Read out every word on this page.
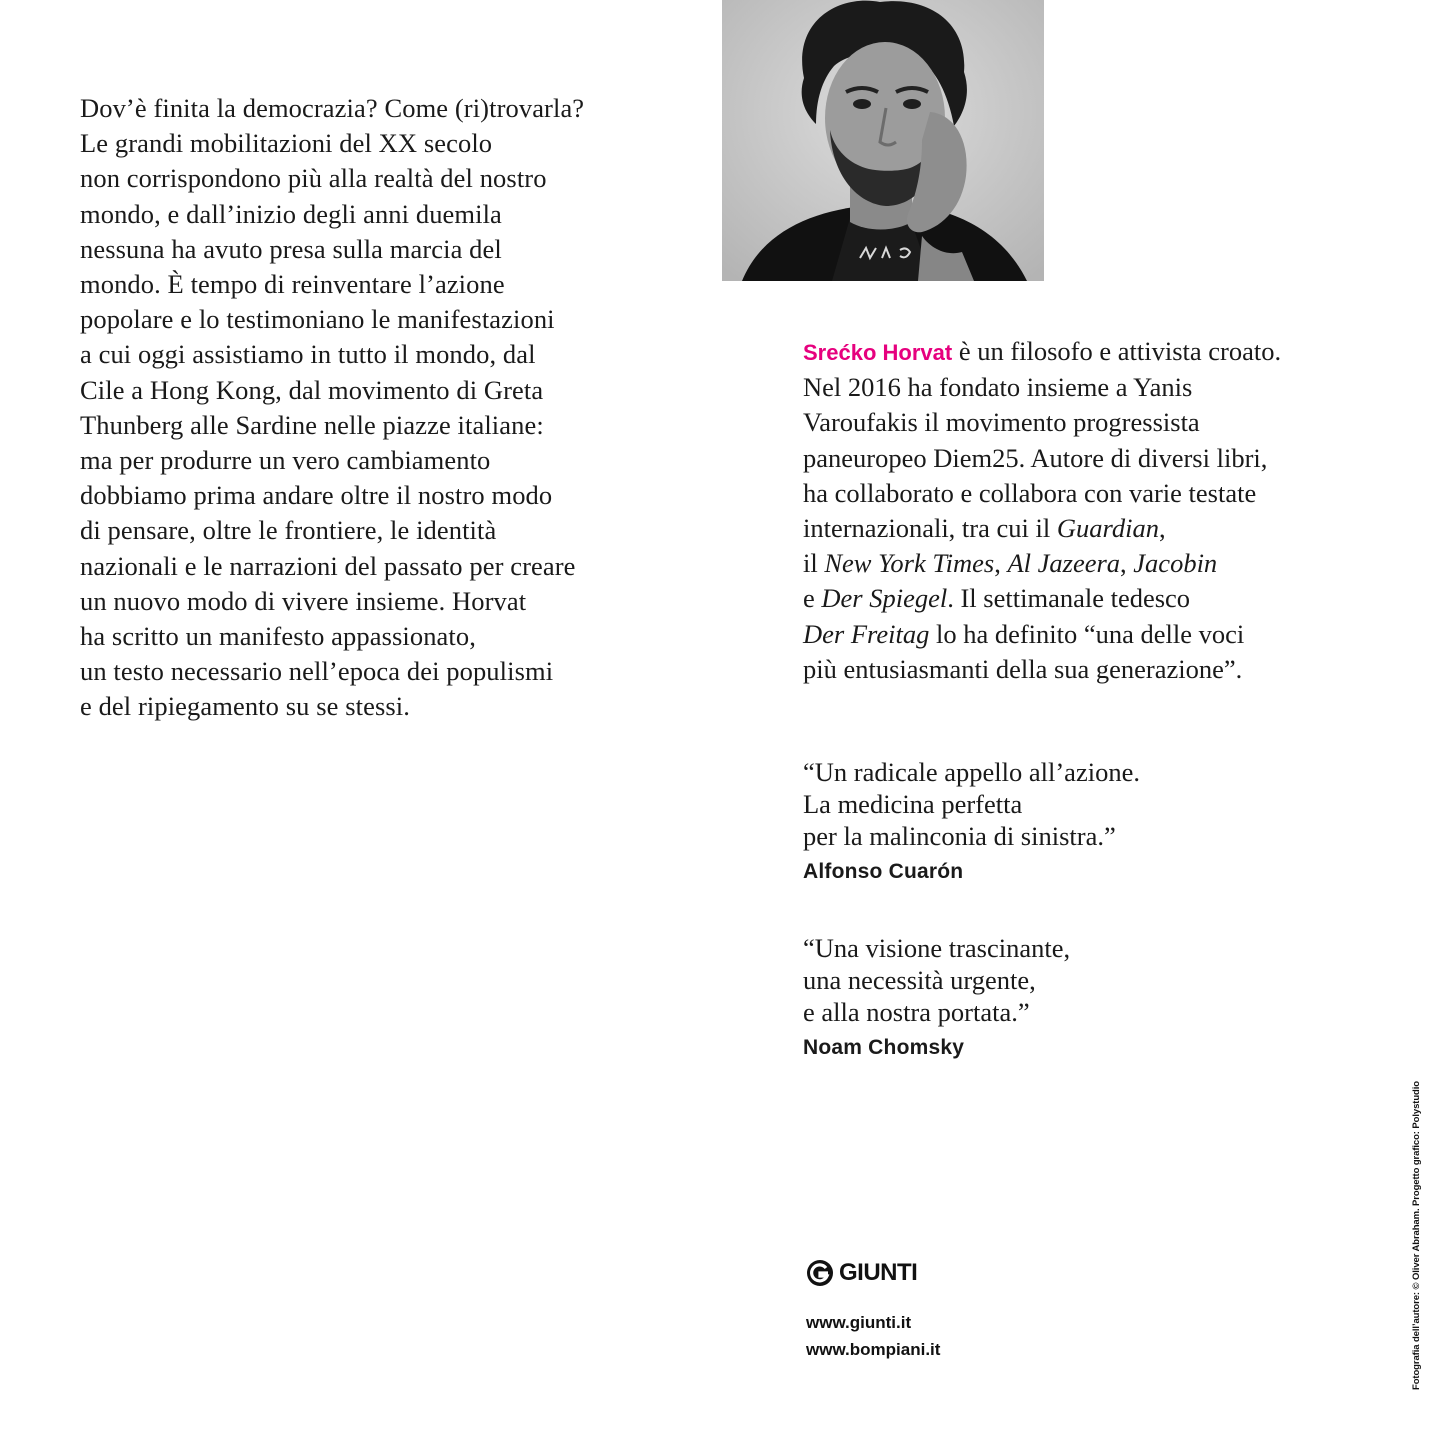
Dov’è finita la democrazia? Come (ri)trovarla?
Le grandi mobilitazioni del XX secolo
non corrispondono più alla realtà del nostro
mondo, e dall’inizio degli anni duemila
nessuna ha avuto presa sulla marcia del
mondo. È tempo di reinventare l’azione
popolare e lo testimoniano le manifestazioni
a cui oggi assistiamo in tutto il mondo, dal
Cile a Hong Kong, dal movimento di Greta
Thunberg alle Sardine nelle piazze italiane:
ma per produrre un vero cambiamento
dobbiamo prima andare oltre il nostro modo
di pensare, oltre le frontiere, le identità
nazionali e le narrazioni del passato per creare
un nuovo modo di vivere insieme. Horvat
ha scritto un manifesto appassionato,
un testo necessario nell’epoca dei populismi
e del ripiegamento su se stessi.
Srećko Horvat è un filosofo e attivista croato.
Nel 2016 ha fondato insieme a Yanis
Varoufakis il movimento progressista
paneuropeo Diem25. Autore di diversi libri,
ha collaborato e collabora con varie testate
internazionali, tra cui il Guardian,
il New York Times, Al Jazeera, Jacobin
e Der Spiegel. Il settimanale tedesco
Der Freitag lo ha definito “una delle voci
più entusiasmanti della sua generazione”.
“Un radicale appello all’azione.
La medicina perfetta
per la malinconia di sinistra.”
Alfonso Cuarón
“Una visione trascinante,
una necessità urgente,
e alla nostra portata.”
Noam Chomsky
GIUNTI
www.giunti.it
www.bompiani.it	Fotografia dell’autore: © Oliver Abraham. Progetto grafico: Polystudio
